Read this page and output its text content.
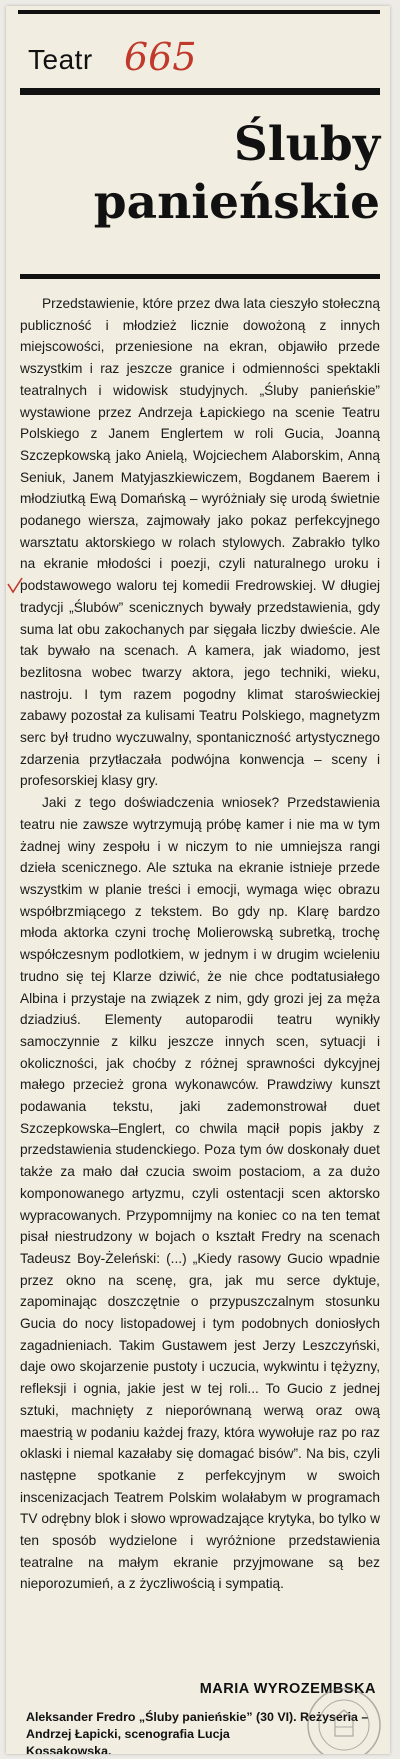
Teatr 665
Śluby
panieńskie

Przedstawienie, które przez dwa lata cieszyło stołeczną publiczność i młodzież licznie dowożoną z innych miejscowości, przeniesione na ekran, objawiło przede wszystkim i raz jeszcze granice i odmienności spektakli teatralnych i widowisk studyjnych. „Śluby panieńskie” wystawione przez Andrzeja Łapickiego na scenie Teatru Polskiego z Janem Englertem w roli Gucia, Joanną Szczepkowską jako Anielą, Wojciechem Alaborskim, Anną Seniuk, Janem Matyjaszkiewiczem, Bogdanem Baerem i młodziutką Ewą Domańską – wyróżniały się urodą świetnie podanego wiersza, zajmowały jako pokaz perfekcyjnego warsztatu aktorskiego w rolach stylowych. Zabrakło tylko na ekranie młodości i poezji, czyli naturalnego uroku i podstawowego waloru tej komedii Fredrowskiej. W długiej tradycji „Ślubów” scenicznych bywały przedstawienia, gdy suma lat obu zakochanych par sięgała liczby dwieście. Ale tak bywało na scenach. A kamera, jak wiadomo, jest bezlitosna wobec twarzy aktora, jego techniki, wieku, nastroju. I tym razem pogodny klimat staroświeckiej zabawy pozostał za kulisami Teatru Polskiego, magnetyzm serc był trudno wyczuwalny, spontaniczność artystycznego zdarzenia przytłaczała podwójna konwencja – sceny i profesorskiej klasy gry.

Jaki z tego doświadczenia wniosek? Przedstawienia teatru nie zawsze wytrzymują próbę kamer i nie ma w tym żadnej winy zespołu i w niczym to nie umniejsza rangi dzieła scenicznego. Ale sztuka na ekranie istnieje przede wszystkim w planie treści i emocji, wymaga więc obrazu współbrzmiącego z tekstem. Bo gdy np. Klarę bardzo młoda aktorka czyni trochę Molierowską subretką, trochę współczesnym podlotkiem, w jednym i w drugim wcieleniu trudno się tej Klarze dziwić, że nie chce podtatusiałego Albina i przystaje na związek z nim, gdy grozi jej za męża dziadziuś. Elementy autoparodii teatru wynikły samoczynnie z kilku jeszcze innych scen, sytuacji i okoliczności, jak choćby z różnej sprawności dykcyjnej małego przecież grona wykonawców. Prawdziwy kunszt podawania tekstu, jaki zademonstrował duet Szczepkowska–Englert, co chwila mącił popis jakby z przedstawienia studenckiego. Poza tym ów doskonały duet także za mało dał czucia swoim postaciom, a za dużo komponowanego artyzmu, czyli ostentacji scen aktorsko wypracowanych. Przypomnijmy na koniec co na ten temat pisał niestrudzony w bojach o kształt Fredry na scenach Tadeusz Boy-Żeleński: (...) „Kiedy rasowy Gucio wpadnie przez okno na scenę, gra, jak mu serce dyktuje, zapominając doszczętnie o przypuszczalnym stosunku Gucia do nocy listopadowej i tym podobnych doniosłych zagadnieniach. Takim Gustawem jest Jerzy Leszczyński, daje owo skojarzenie pustoty i uczucia, wykwintu i tężyzny, refleksji i ognia, jakie jest w tej roli... To Gucio z jednej sztuki, machnięty z nieporównaną werwą oraz ową maestrią w podaniu każdej frazy, która wywołuje raz po raz oklaski i niemal kazałaby się domagać bisów”. Na bis, czyli następne spotkanie z perfekcyjnym w swoich inscenizacjach Teatrem Polskim wolałabym w programach TV odrębny blok i słowo wprowadzające krytyka, bo tylko w ten sposób wydzielone i wyróżnione przedstawienia teatralne na małym ekranie przyjmowane są bez nieporozumień, a z życzliwością i sympatią.

MARIA WYROZEMBSKA
Aleksander Fredro „Śluby panieńskie” (30 VI). Reżyseria – Andrzej Łapicki, scenografia Lucja
Kossakowska.
